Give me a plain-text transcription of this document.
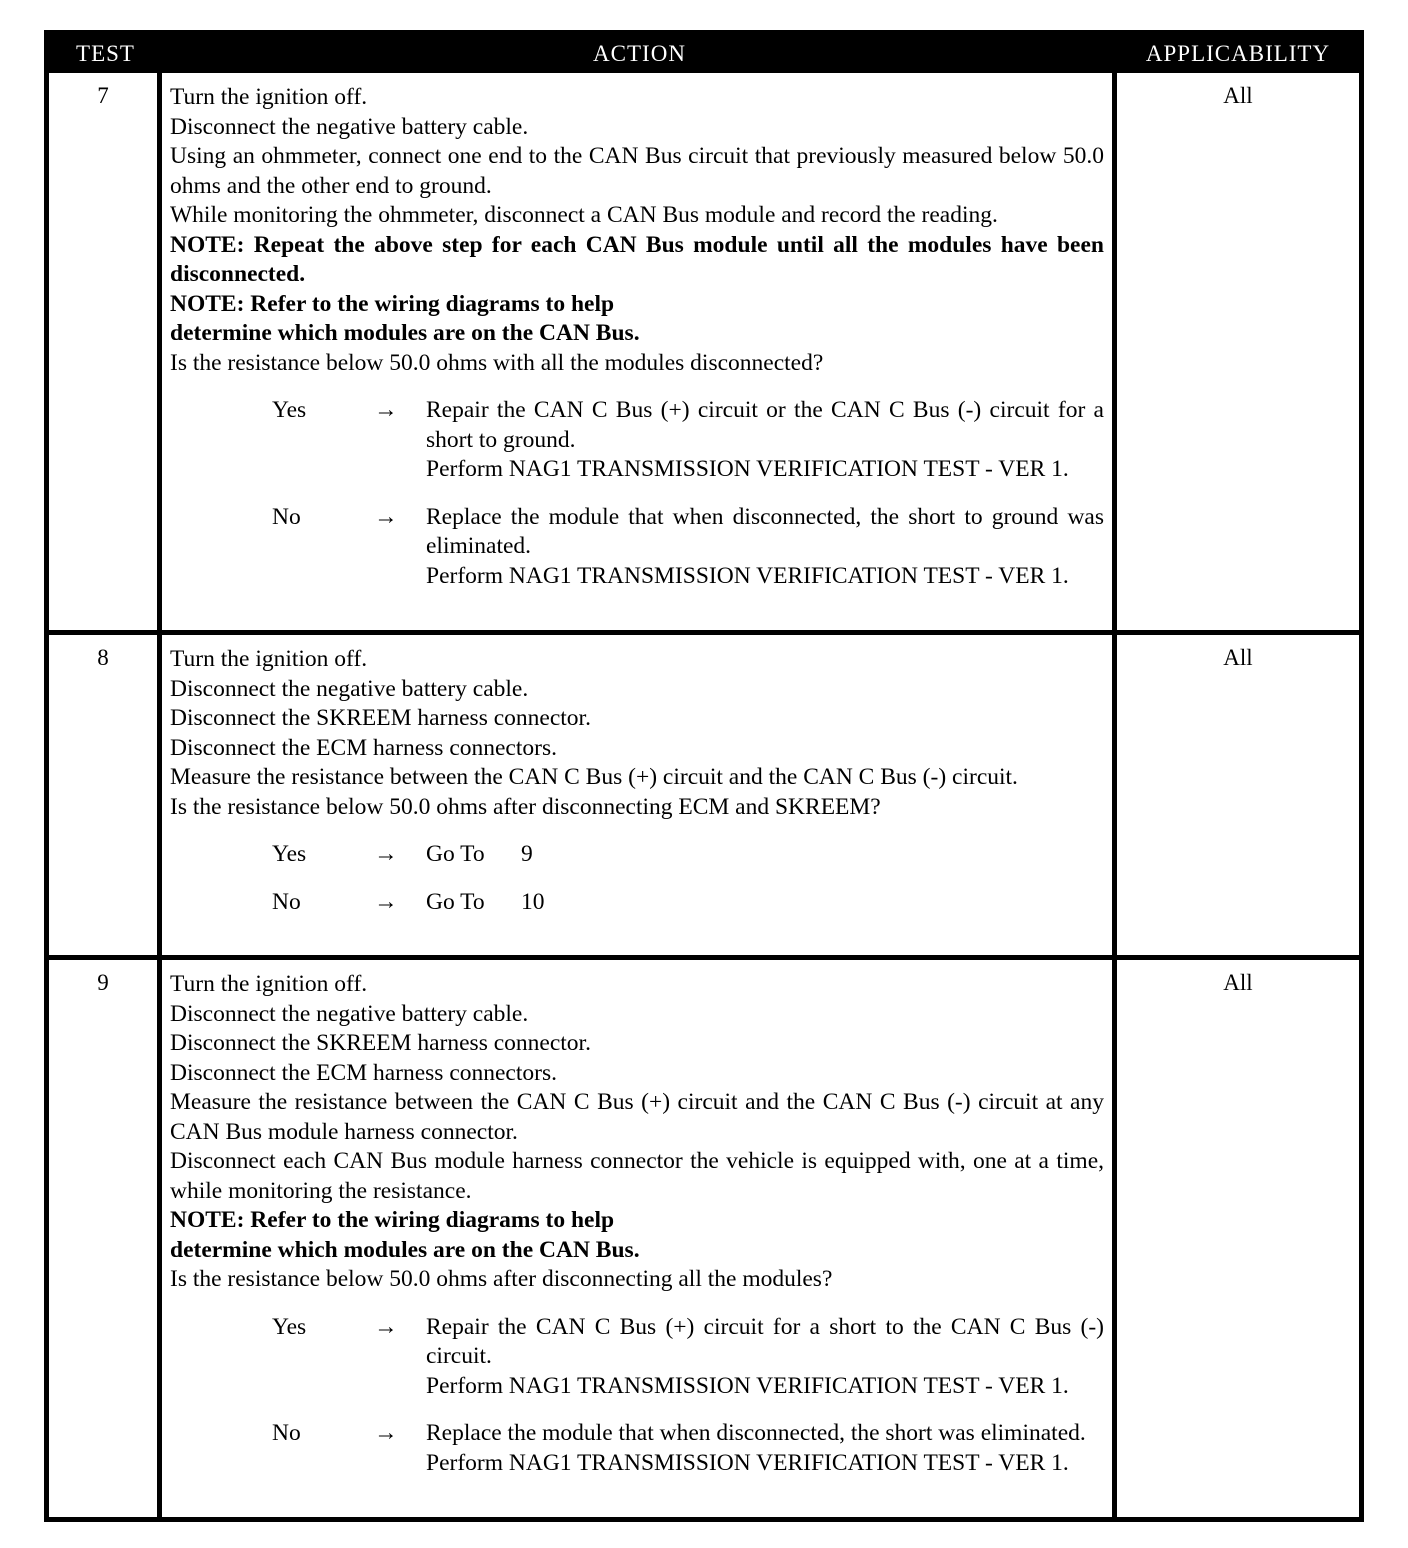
TEST	ACTION	APPLICABILITY
7	Turn the ignition off.
Disconnect the negative battery cable.
Using an ohmmeter, connect one end to the CAN Bus circuit that previously measured below 50.0 ohms and the other end to ground.
While monitoring the ohmmeter, disconnect a CAN Bus module and record the reading.
NOTE: Repeat the above step for each CAN Bus module until all the modules have been disconnected.
NOTE: Refer to the wiring diagrams to help
determine which modules are on the CAN Bus.
Is the resistance below 50.0 ohms with all the modules disconnected?
Yes	→	Repair the CAN C Bus (+) circuit or the CAN C Bus (-) circuit for a short to ground.
Perform NAG1 TRANSMISSION VERIFICATION TEST - VER 1.
No	→	Replace the module that when disconnected, the short to ground was eliminated.
Perform NAG1 TRANSMISSION VERIFICATION TEST - VER 1.
All
8	Turn the ignition off.
Disconnect the negative battery cable.
Disconnect the SKREEM harness connector.
Disconnect the ECM harness connectors.
Measure the resistance between the CAN C Bus (+) circuit and the CAN C Bus (-) circuit.
Is the resistance below 50.0 ohms after disconnecting ECM and SKREEM?
Yes	→	Go To	9
No	→	Go To	10
All
9	Turn the ignition off.
Disconnect the negative battery cable.
Disconnect the SKREEM harness connector.
Disconnect the ECM harness connectors.
Measure the resistance between the CAN C Bus (+) circuit and the CAN C Bus (-) circuit at any CAN Bus module harness connector.
Disconnect each CAN Bus module harness connector the vehicle is equipped with, one at a time, while monitoring the resistance.
NOTE: Refer to the wiring diagrams to help
determine which modules are on the CAN Bus.
Is the resistance below 50.0 ohms after disconnecting all the modules?
Yes	→	Repair the CAN C Bus (+) circuit for a short to the CAN C Bus (-) circuit.
Perform NAG1 TRANSMISSION VERIFICATION TEST - VER 1.
No	→	Replace the module that when disconnected, the short was eliminated.
Perform NAG1 TRANSMISSION VERIFICATION TEST - VER 1.
All
